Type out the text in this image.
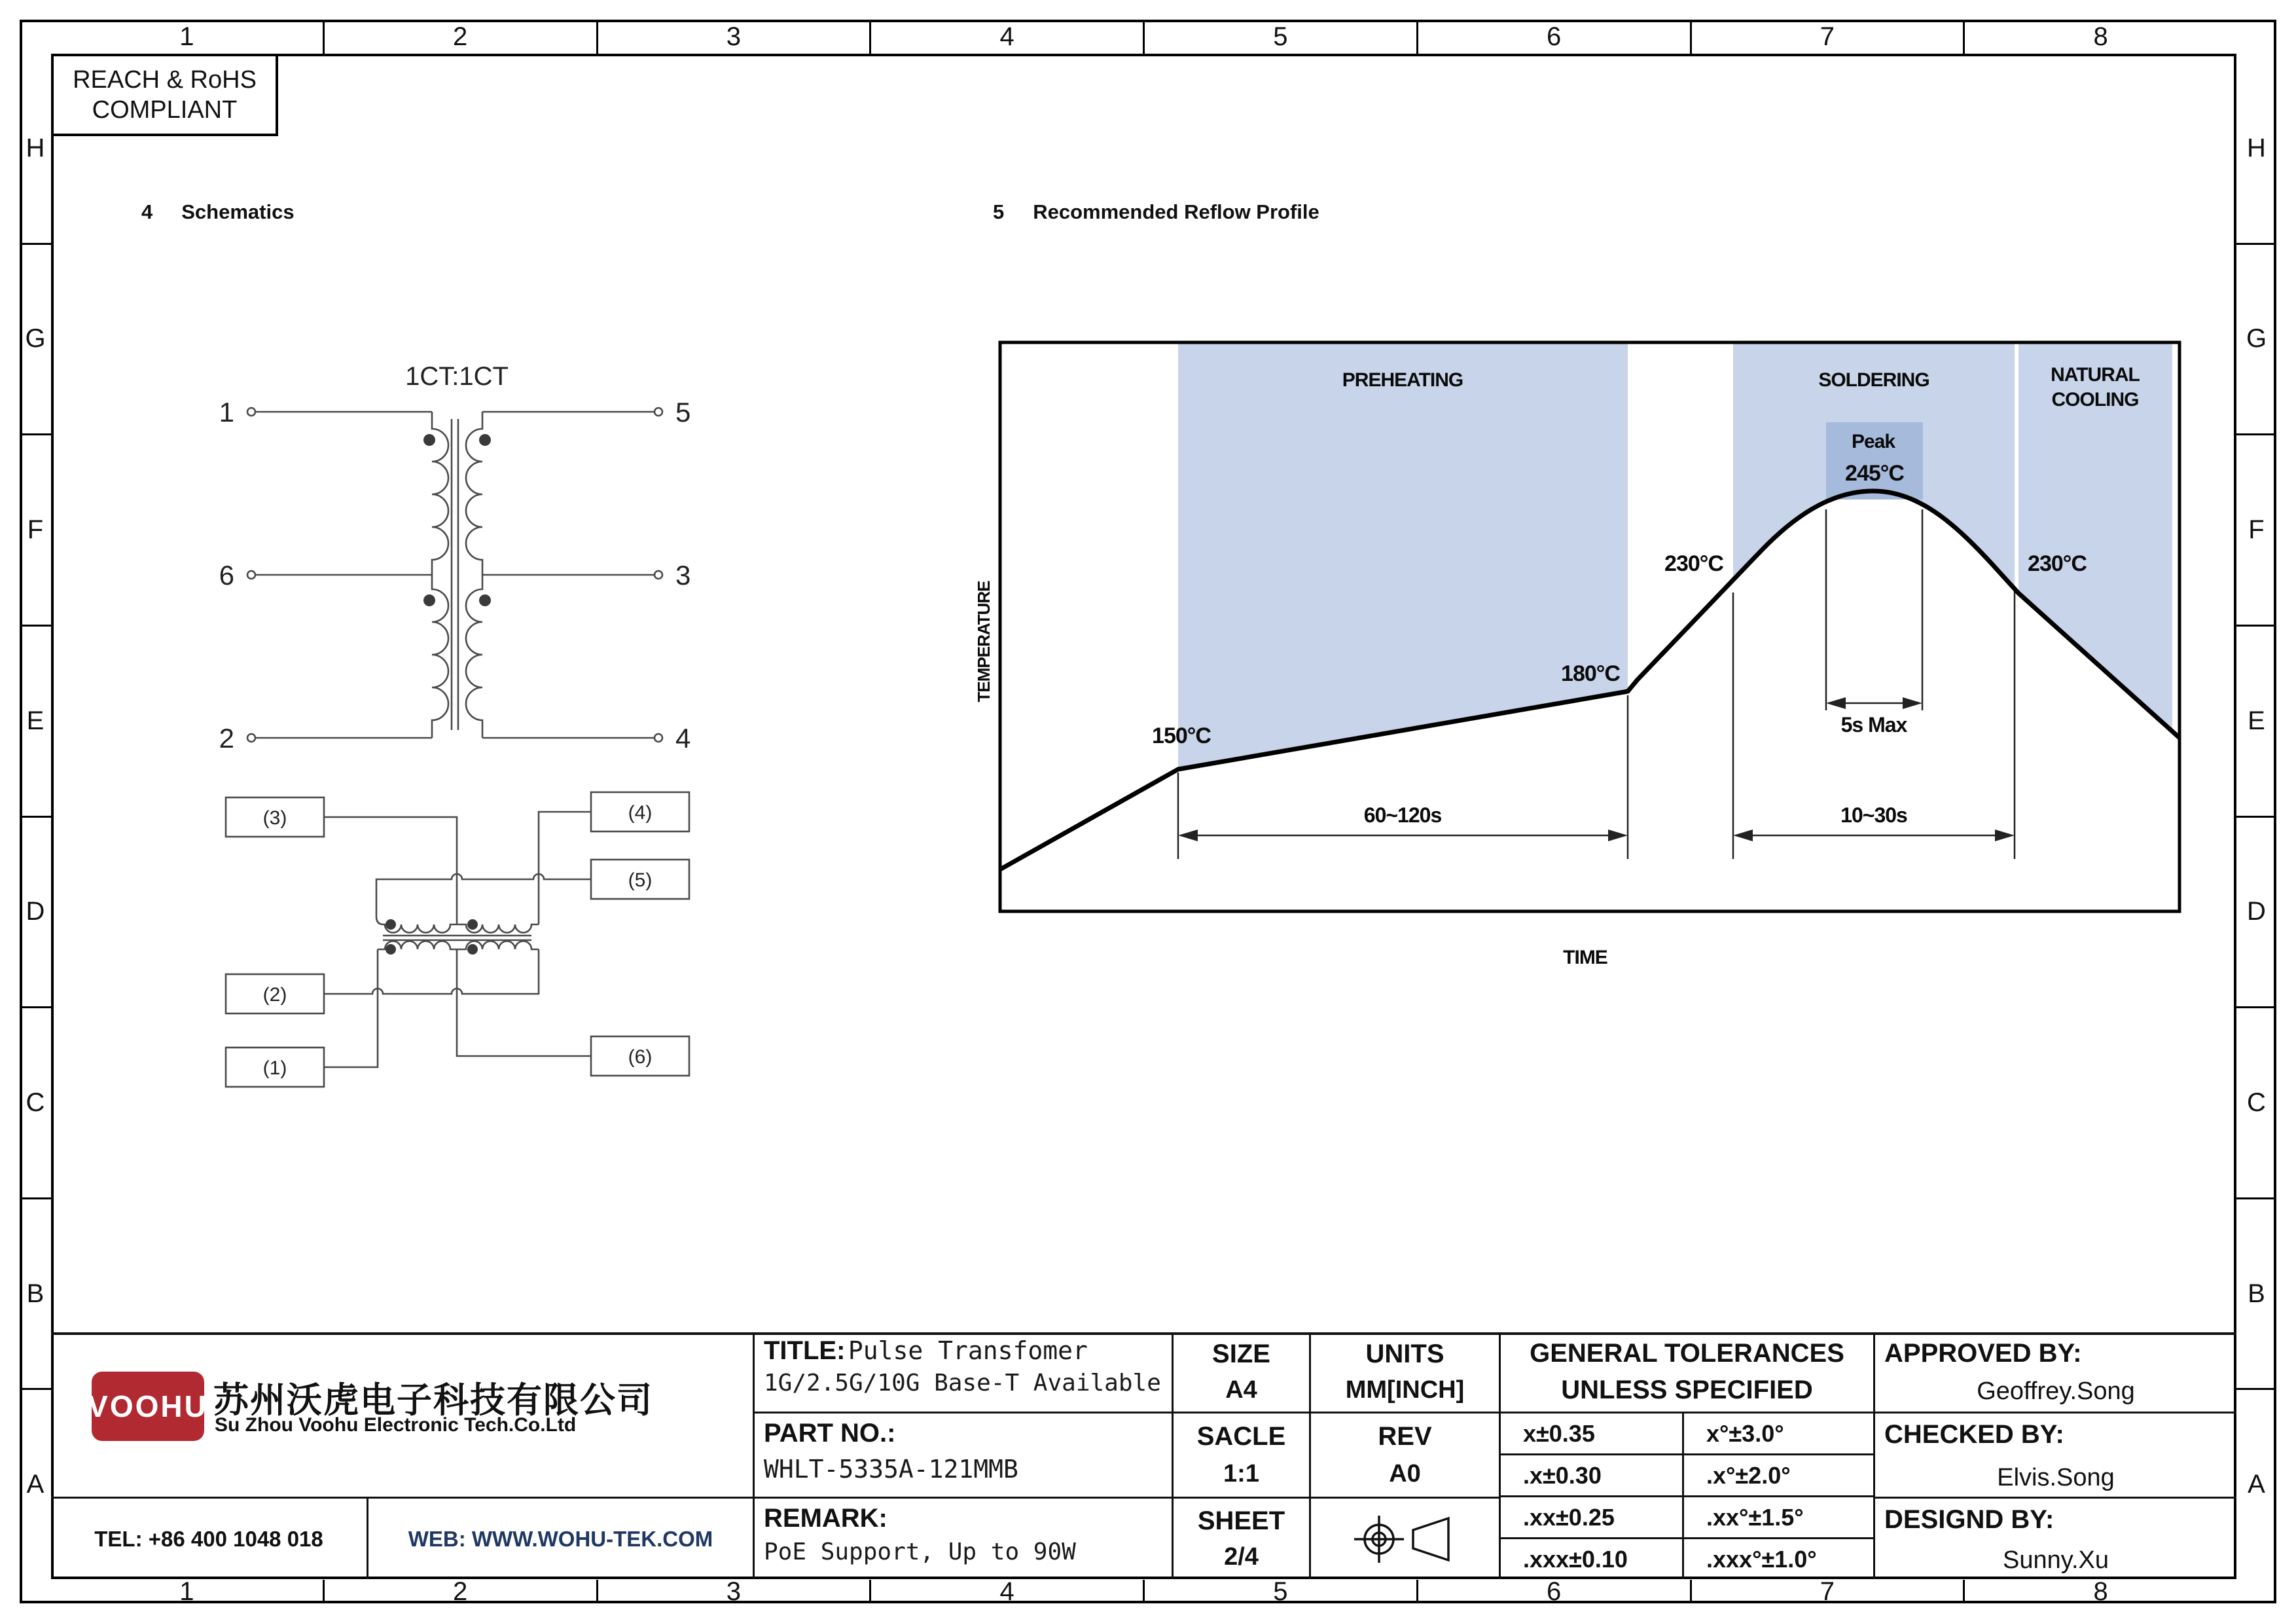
1	2	3	4	5	6	7	8
1	2	3	4	5	6	7	8
H
G
F
E
D
C
B
A
H
G
F
E
D
C
B
A
REACH & RoHS
COMPLIANT
4 Schematics	5 Recommended Reflow Profile
1CT:1CT
1
6
2
5
3
4
(3)
(2)
(1)
(4)
(5)
(6)
PREHEATING	SOLDERING	NATURAL
COOLING
Peak
245°C
150°C
180°C
230°C	230°C
60~120s	10~30s
5s Max
TIME
TEMPERATURE
VOOHU 苏州沃虎电子科技有限公司
Su Zhou Voohu Electronic Tech.Co.Ltd
TEL: +86 400 1048 018	WEB: WWW.WOHU-TEK.COM
TITLE: Pulse Transfomer
1G/2.5G/10G Base-T Available
PART NO.:
WHLT-5335A-121MMB
REMARK:
PoE Support, Up to 90W
SIZE
A4
SACLE
1:1
SHEET
2/4
UNITS
MM[INCH]
REV
A0
GENERAL TOLERANCES
UNLESS SPECIFIED
x±0.35	x°±3.0°
.x±0.30	.x°±2.0°
.xx±0.25	.xx°±1.5°
.xxx±0.10	.xxx°±1.0°
APPROVED BY:
Geoffrey.Song
CHECKED BY:
Elvis.Song
DESIGND BY:
Sunny.Xu
